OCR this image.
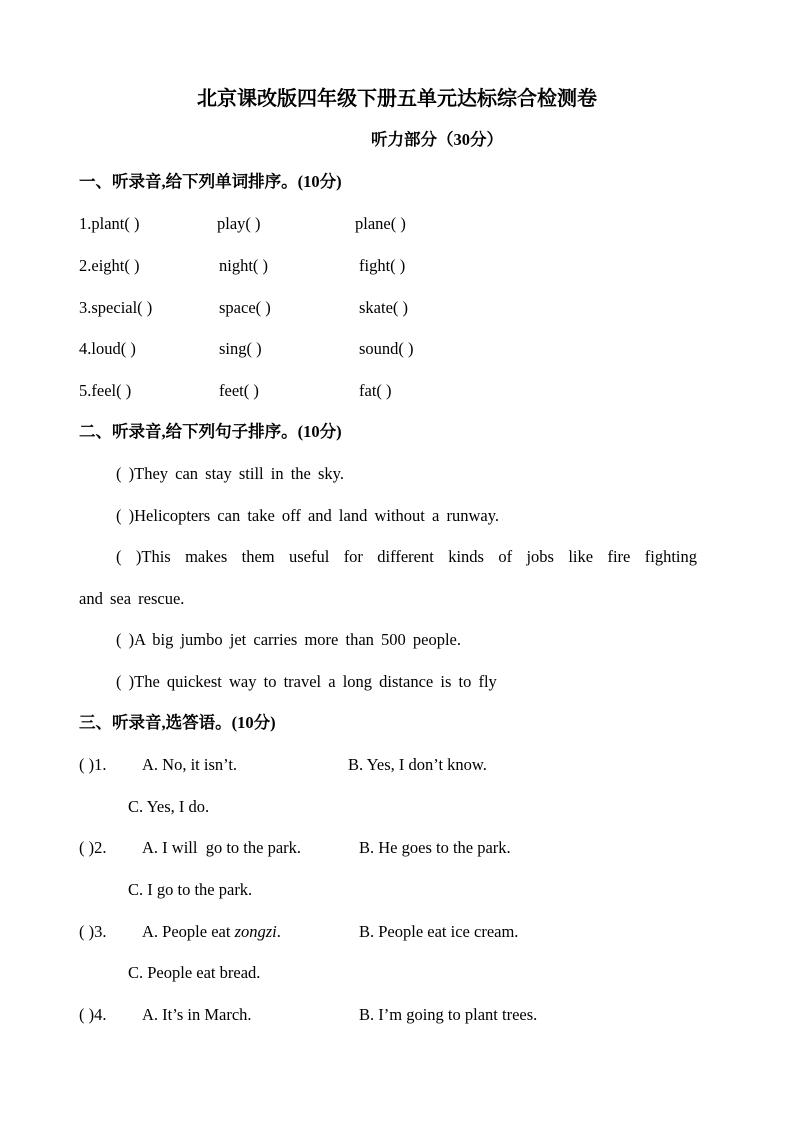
北京课改版四年级下册五单元达标综合检测卷
听力部分（30分）
一、听录音,给下列单词排序。(10分)
1.plant( )	play( )	plane( )
2.eight( )	night( )	fight( )
3.special( )	space( )	skate( )
4.loud( )	sing( )	sound( )
5.feel( )	feet( )	fat( )
二、听录音,给下列句子排序。(10分)
( )They can stay still in the sky.
( )Helicopters can take off and land without a runway.
( )This makes them useful for different kinds of jobs like fire fighting
and sea rescue.
( )A big jumbo jet carries more than 500 people.
( )The quickest way to travel a long distance is to fly
三、听录音,选答语。(10分)
( )1. A. No, it isn’t.	B. Yes, I don’t know.
C. Yes, I do.
( )2. A. I will  go to the park.	B. He goes to the park.
C. I go to the park.
( )3. A. People eat zongzi.	B. People eat ice cream.
C. People eat bread.
( )4. A. It’s in March.	B. I’m going to plant trees.
